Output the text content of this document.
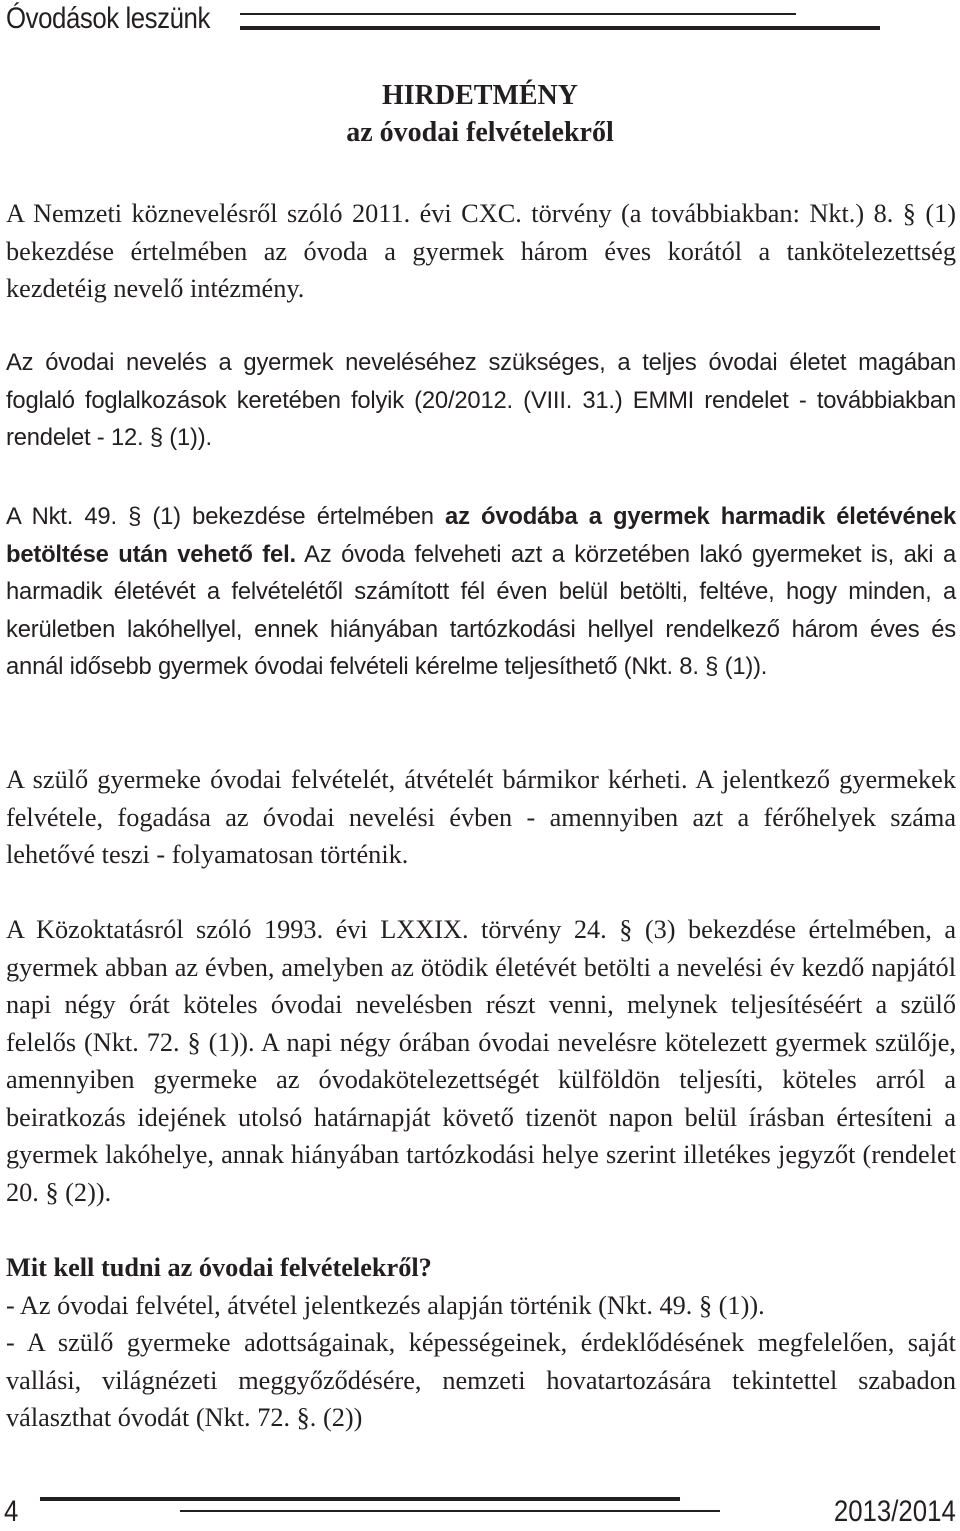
Óvodások leszünk
HIRDETMÉNY
az óvodai felvételekről
A Nemzeti köznevelésről szóló 2011. évi CXC. törvény (a továbbiakban: Nkt.) 8. § (1) bekezdése értelmében az óvoda a gyermek három éves korától a tankötelezettség kezdetéig nevelő intézmény.
Az óvodai nevelés a gyermek neveléséhez szükséges, a teljes óvodai életet magában foglaló foglalkozások keretében folyik (20/2012. (VIII. 31.) EMMI rendelet - továbbiakban rendelet - 12. § (1)).
A Nkt. 49. § (1) bekezdése értelmében az óvodába a gyermek harmadik életévének betöltése után vehető fel. Az óvoda felveheti azt a körzetében lakó gyermeket is, aki a harmadik életévét a felvételétől számított fél éven belül betölti, feltéve, hogy minden, a kerületben lakóhellyel, ennek hiányában tartózkodási hellyel rendelkező három éves és annál idősebb gyermek óvodai felvételi kérelme teljesíthető (Nkt. 8. § (1)).
A szülő gyermeke óvodai felvételét, átvételét bármikor kérheti. A jelentkező gyermekek felvétele, fogadása az óvodai nevelési évben - amennyiben azt a férőhelyek száma lehetővé teszi - folyamatosan történik.
A Közoktatásról szóló 1993. évi LXXIX. törvény 24. § (3) bekezdése értelmében, a gyermek abban az évben, amelyben az ötödik életévét betölti a nevelési év kezdő napjától napi négy órát köteles óvodai nevelésben részt venni, melynek teljesítéséért a szülő felelős (Nkt. 72. § (1)). A napi négy órában óvodai nevelésre kötelezett gyermek szülője, amennyiben gyermeke az óvodakötelezettségét külföldön teljesíti, köteles arról a beiratkozás idejének utolsó határnapját követő tizenöt napon belül írásban értesíteni a gyermek lakóhelye, annak hiányában tartózkodási helye szerint illetékes jegyzőt (rendelet 20. § (2)).
Mit kell tudni az óvodai felvételekről?
- Az óvodai felvétel, átvétel jelentkezés alapján történik (Nkt. 49. § (1)).
- A szülő gyermeke adottságainak, képességeinek, érdeklődésének megfelelően, saját vallási, világnézeti meggyőződésére, nemzeti hovatartozására tekintettel szabadon választhat óvodát (Nkt. 72. §. (2))
4	2013/2014
